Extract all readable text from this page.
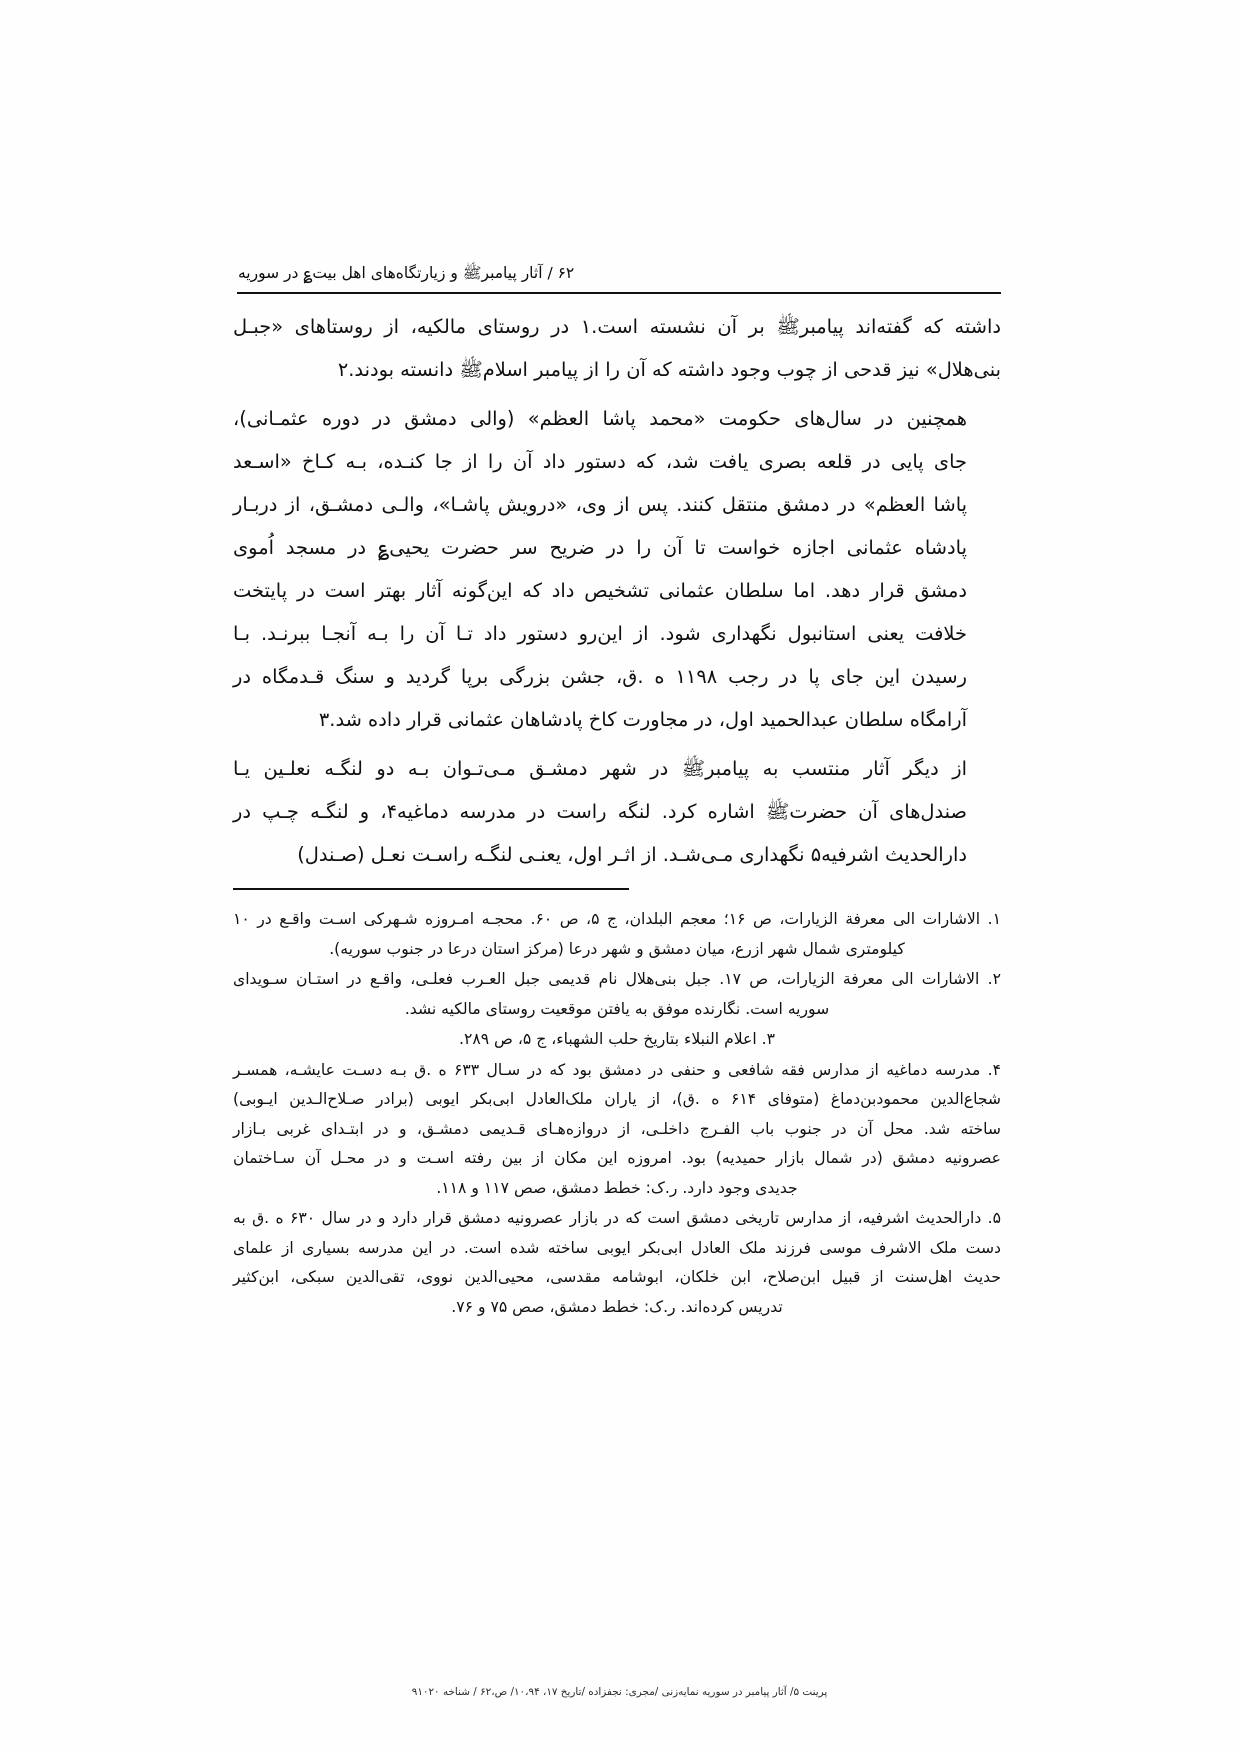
۶۲ / آثار پیامبرﷺ و زیارتگاه‌های اهل بیت؏ در سوریه
داشته که گفته‌اند پیامبرﷺ بر آن نشسته است.۱ در روستای مالکیه، از روستاهای «جبـل
بنی‌هلال» نیز قدحی از چوب وجود داشته که آن را از پیامبر اسلامﷺ دانسته بودند.۲
همچنین در سال‌های حکومت «محمد پاشا العظم» (والی دمشق در دوره عثمـانی)،
جای پایی در قلعه بصری یافت شد، که دستور داد آن را از جا کنـده، بـه کـاخ «اسـعد
پاشا العظم» در دمشق منتقل کنند. پس از وی، «درویش پاشـا»، والـی دمشـق، از دربـار
پادشاه عثمانی اجازه خواست تا آن را در ضریح سر حضرت یحیی؏ در مسجد اُموی
دمشق قرار دهد. اما سلطان عثمانی تشخیص داد که این‌گونه آثار بهتر است در پایتخت
خلافت یعنی استانبول نگهداری شود. از این‌رو دستور داد تـا آن را بـه آنجـا ببرنـد. بـا
رسیدن این جای پا در رجب ۱۱۹۸ ه .ق، جشن بزرگی برپا گردید و سنگ قـدمگاه در
آرامگاه سلطان عبدالحمید اول، در مجاورت کاخ پادشاهان عثمانی قرار داده شد.۳
از دیگر آثار منتسب به پیامبرﷺ در شهر دمشـق مـی‌تـوان بـه دو لنگـه نعلـین یـا
صندل‌های آن حضرتﷺ اشاره کرد. لنگه راست در مدرسه دماغیه۴، و لنگـه چـپ در
دارالحدیث اشرفیه۵ نگهداری مـی‌شـد. از اثـر اول، یعنـی لنگـه راسـت نعـل (صـندل)
۱. الاشارات الی معرفة الزیارات، ص ۱۶؛ معجم البلدان، ج ۵، ص ۶۰. محجـه امـروزه شـهرکی اسـت واقـع در ۱۰
کیلومتری شمال شهر ازرع، میان دمشق و شهر درعا (مرکز استان درعا در جنوب سوریه).
۲. الاشارات الی معرفة الزیارات، ص ۱۷. جبل بنی‌هلال نام قدیمی جبل العـرب فعلـی، واقـع در استـان سـویدای
سوریه است. نگارنده موفق به یافتن موقعیت روستای مالکیه نشد.
۳. اعلام النبلاء بتاریخ حلب الشهباء، ج ۵، ص ۲۸۹.
۴. مدرسه دماغیه از مدارس فقه شافعی و حنفی در دمشق بود که در سـال ۶۳۳ ه .ق بـه دسـت عایشـه، همسـر
شجاع‌الدین محمودبن‌دماغ (متوفای ۶۱۴ ه .ق)، از یاران ملک‌العادل ابی‌بکر ایوبی (برادر صـلاح‌الـدین ایـوبی)
ساخته شد. محل آن در جنوب باب الفـرج داخلـی، از دروازه‌هـای قـدیمی دمشـق، و در ابتـدای غربی بـازار
عصرونیه دمشق (در شمال بازار حمیدیه) بود. امروزه این مکان از بین رفته اسـت و در محـل آن سـاختمان
جدیدی وجود دارد. ر.ک: خطط دمشق، صص ۱۱۷ و ۱۱۸.
۵. دارالحدیث اشرفیه، از مدارس تاریخی دمشق است که در بازار عصرونیه دمشق قرار دارد و در سال ۶۳۰ ه .ق به
دست ملک الاشرف موسی فرزند ملک العادل ابی‌بکر ایوبی ساخته شده است. در این مدرسه بسیاری از علمای
حدیث اهل‌سنت از قبیل ابن‌صلاح، ابن خلکان، ابوشامه مقدسی، محیی‌الدین نووی، تقی‌الدین سبکی، ابن‌کثیر
تدریس کرده‌اند. ر.ک: خطط دمشق، صص ۷۵ و ۷۶.
پرینت ۵/ آثار پیامبر در سوریه نمایه‌زنی /مجری: نجفزاده /تاریخ ۱۷، ۱۰،۹۴/ ص،۶۲ / شناخه ۹۱۰۲۰
